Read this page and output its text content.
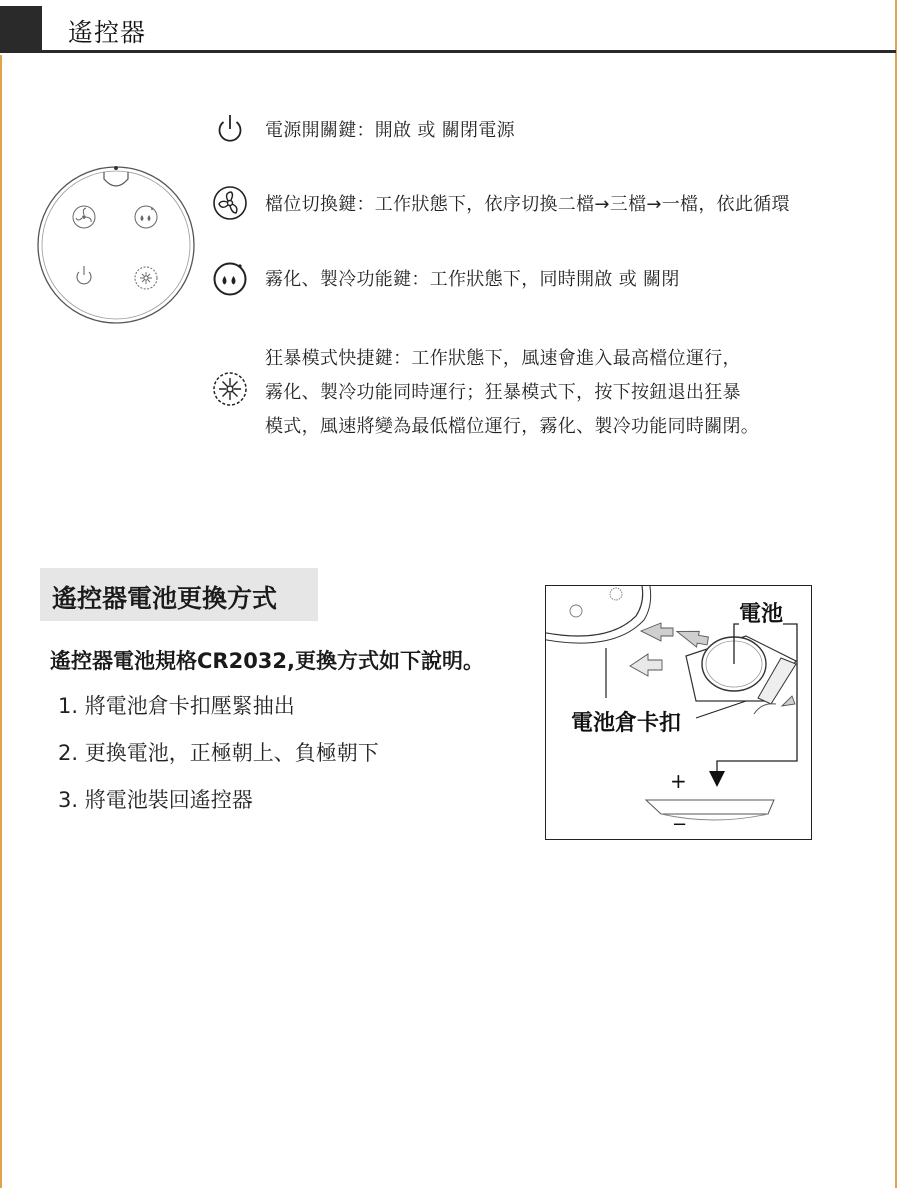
遙控器
電源開關鍵：開啟 或 關閉電源
檔位切換鍵：工作狀態下，依序切換二檔→三檔→一檔，依此循環
霧化、製冷功能鍵：工作狀態下，同時開啟 或 關閉
狂暴模式快捷鍵：工作狀態下，風速會進入最高檔位運行，
霧化、製冷功能同時運行；狂暴模式下，按下按鈕退出狂暴
模式，風速將變為最低檔位運行，霧化、製冷功能同時關閉。
遙控器電池更換方式
遙控器電池規格CR2032,更換方式如下說明。
1. 將電池倉卡扣壓緊抽出
2. 更換電池，正極朝上、負極朝下
3. 將電池裝回遙控器
電池
電池倉卡扣
+
−
